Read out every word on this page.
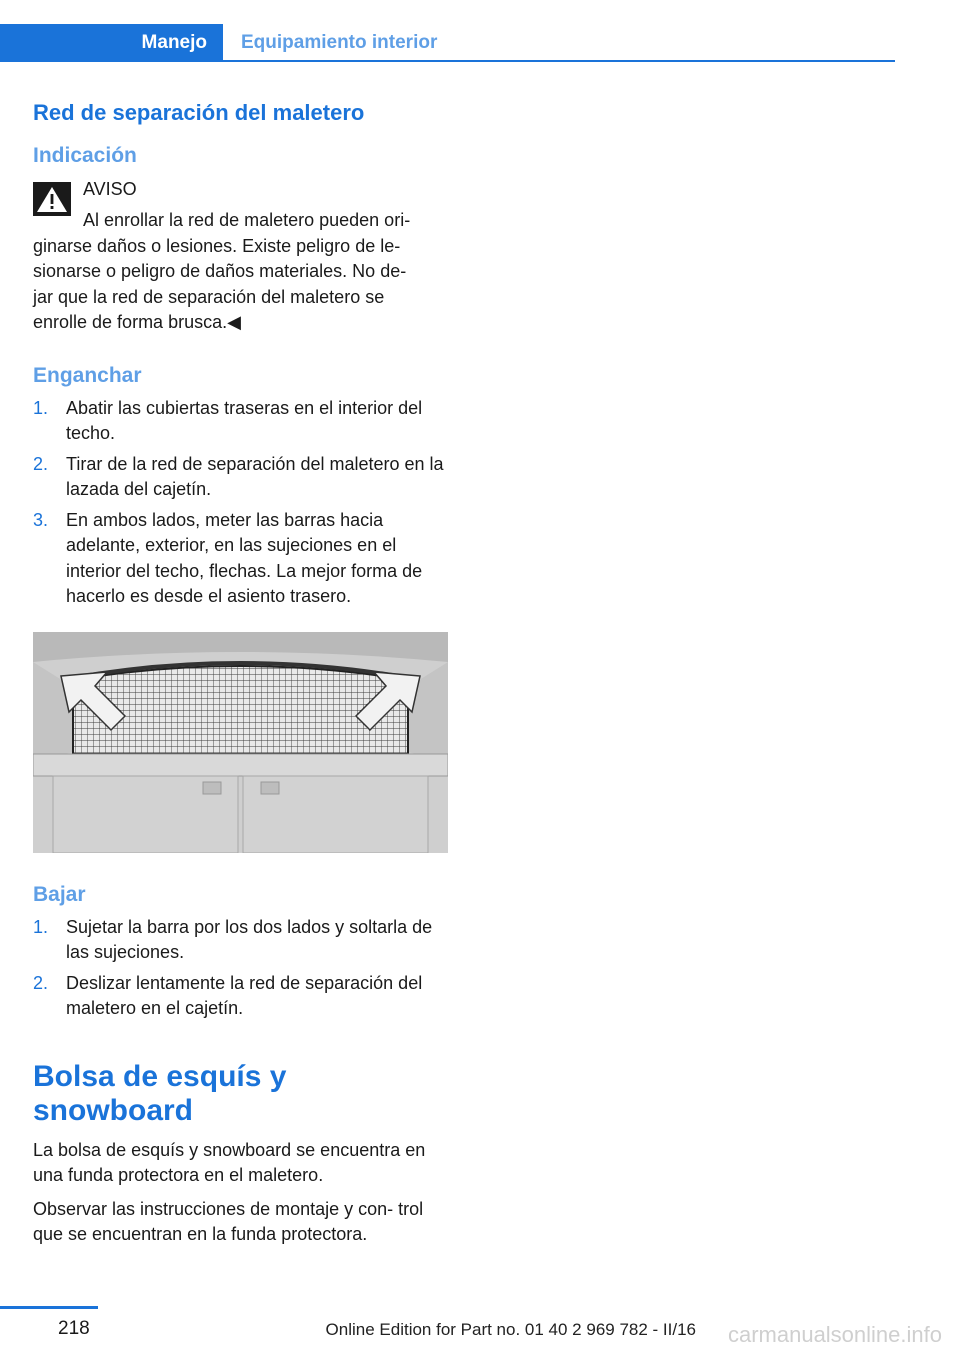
Manejo	Equipamiento interior
Red de separación del maletero
Indicación
AVISO

Al enrollar la red de maletero pueden ori‐

ginarse daños o lesiones. Existe peligro de le‐

sionarse o peligro de daños materiales. No de‐

jar que la red de separación del maletero se

enrolle de forma brusca.◀

Enganchar
1. Abatir las cubiertas traseras en el interior del techo.
2. Tirar de la red de separación del maletero en la lazada del cajetín.
3. En ambos lados, meter las barras hacia adelante, exterior, en las sujeciones en el interior del techo, flechas. La mejor forma de hacerlo es desde el asiento trasero.
Bajar
1. Sujetar la barra por los dos lados y soltarla de las sujeciones.
2. Deslizar lentamente la red de separación del maletero en el cajetín.
Bolsa de esquís y snowboard

La bolsa de esquís y snowboard se encuentra en una funda protectora en el maletero.

Observar las instrucciones de montaje y con‐ trol que se encuentran en la funda protectora.

218	carmanualsonline.info
Online Edition for Part no. 01 40 2 969 782 - II/16
